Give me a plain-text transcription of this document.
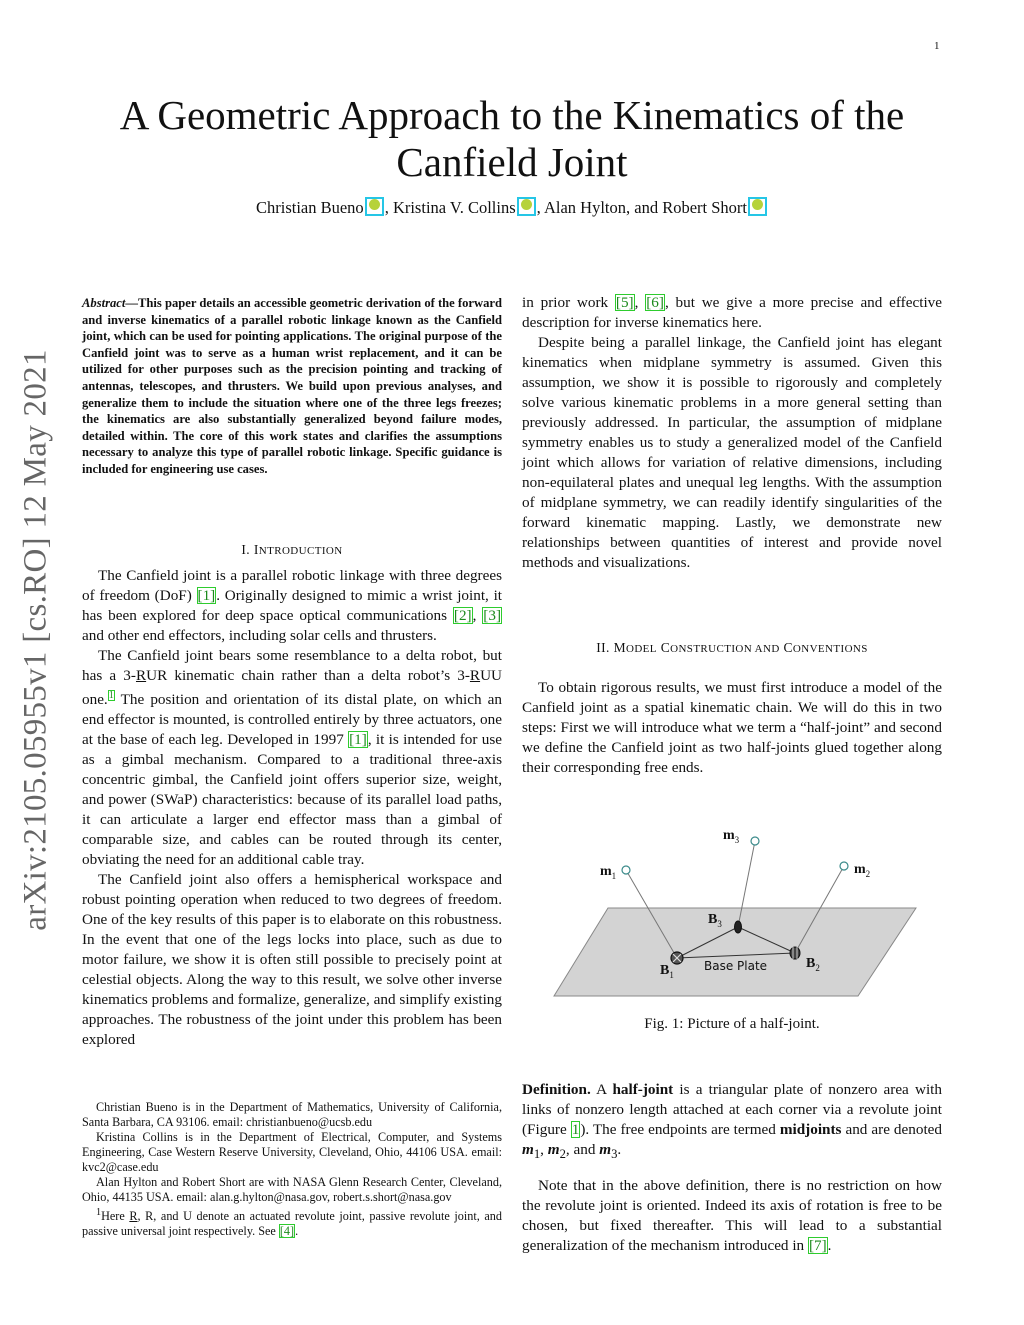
1
A Geometric Approach to the Kinematics of the Canfield Joint
Christian Bueno , Kristina V. Collins , Alan Hylton, and Robert Short
arXiv:2105.05955v1 [cs.RO] 12 May 2021
Abstract—This paper details an accessible geometric derivation of the forward and inverse kinematics of a parallel robotic linkage known as the Canfield joint, which can be used for pointing applications. The original purpose of the Canfield joint was to serve as a human wrist replacement, and it can be utilized for other purposes such as the precision pointing and tracking of antennas, telescopes, and thrusters. We build upon previous analyses, and generalize them to include the situation where one of the three legs freezes; the kinematics are also substantially generalized beyond failure modes, detailed within. The core of this work states and clarifies the assumptions necessary to analyze this type of parallel robotic linkage. Specific guidance is included for engineering use cases.
I. INTRODUCTION

The Canfield joint is a parallel robotic linkage with three degrees of freedom (DoF) [1]. Originally designed to mimic a wrist joint, it has been explored for deep space optical communications [2], [3] and other end effectors, including solar cells and thrusters.

The Canfield joint bears some resemblance to a delta robot, but has a 3-RUR kinematic chain rather than a delta robot’s 3-RUU one.$^1$ The position and orientation of its distal plate, on which an end effector is mounted, is controlled entirely by three actuators, one at the base of each leg. Developed in 1997 [1], it is intended for use as a gimbal mechanism. Compared to a traditional three-axis concentric gimbal, the Canfield joint offers superior size, weight, and power (SWaP) characteristics: because of its parallel load paths, it can articulate a larger end effector mass than a gimbal of comparable size, and cables can be routed through its center, obviating the need for an additional cable tray.

The Canfield joint also offers a hemispherical workspace and robust pointing operation when reduced to two degrees of freedom. One of the key results of this paper is to elaborate on this robustness. In the event that one of the legs locks into place, such as due to motor failure, we show it is often still possible to precisely point at celestial objects. Along the way to this result, we solve other inverse kinematics problems and formalize, generalize, and simplify existing approaches. The robustness of the joint under this problem has been explored

Christian Bueno is in the Department of Mathematics, University of California, Santa Barbara, CA 93106. email: christianbueno@ucsb.edu

Kristina Collins is in the Department of Electrical, Computer, and Systems Engineering, Case Western Reserve University, Cleveland, Ohio, 44106 USA. email: kvc2@case.edu

Alan Hylton and Robert Short are with NASA Glenn Research Center, Cleveland, Ohio, 44135 USA. email: alan.g.hylton@nasa.gov, robert.s.short@nasa.gov

$^1$Here R, R, and U denote an actuated revolute joint, passive revolute joint, and passive universal joint respectively. See [4].

in prior work [5], [6], but we give a more precise and effective description for inverse kinematics here.

Despite being a parallel linkage, the Canfield joint has elegant kinematics when midplane symmetry is assumed. Given this assumption, we show it is possible to rigorously and completely solve various kinematic problems in a more general setting than previously addressed. In particular, the assumption of midplane symmetry enables us to study a generalized model of the Canfield joint which allows for variation of relative dimensions, including non-equilateral plates and unequal leg lengths. With the assumption of midplane symmetry, we can readily identify singularities of the forward kinematic mapping. Lastly, we demonstrate new relationships between quantities of interest and provide novel methods and visualizations.

II. MODEL CONSTRUCTION AND CONVENTIONS

To obtain rigorous results, we must first introduce a model of the Canfield joint as a spatial kinematic chain. We will do this in two steps: First we will introduce what we term a “half-joint” and second we define the Canfield joint as two half-joints glued together along their corresponding free ends.

$m_1$
$m_3$
$m_2$
$B_3$
$B_1$
$B_2$
Base Plate
Fig. 1: Picture of a half-joint.

Definition. A half-joint is a triangular plate of nonzero area with links of nonzero length attached at each corner via a revolute joint (Figure 1). The free endpoints are termed midjoints and are denoted $m_1$, $m_2$, and $m_3$.

Note that in the above definition, there is no restriction on how the revolute joint is oriented. Indeed its axis of rotation is free to be chosen, but fixed thereafter. This will lead to a substantial generalization of the mechanism introduced in [7].
